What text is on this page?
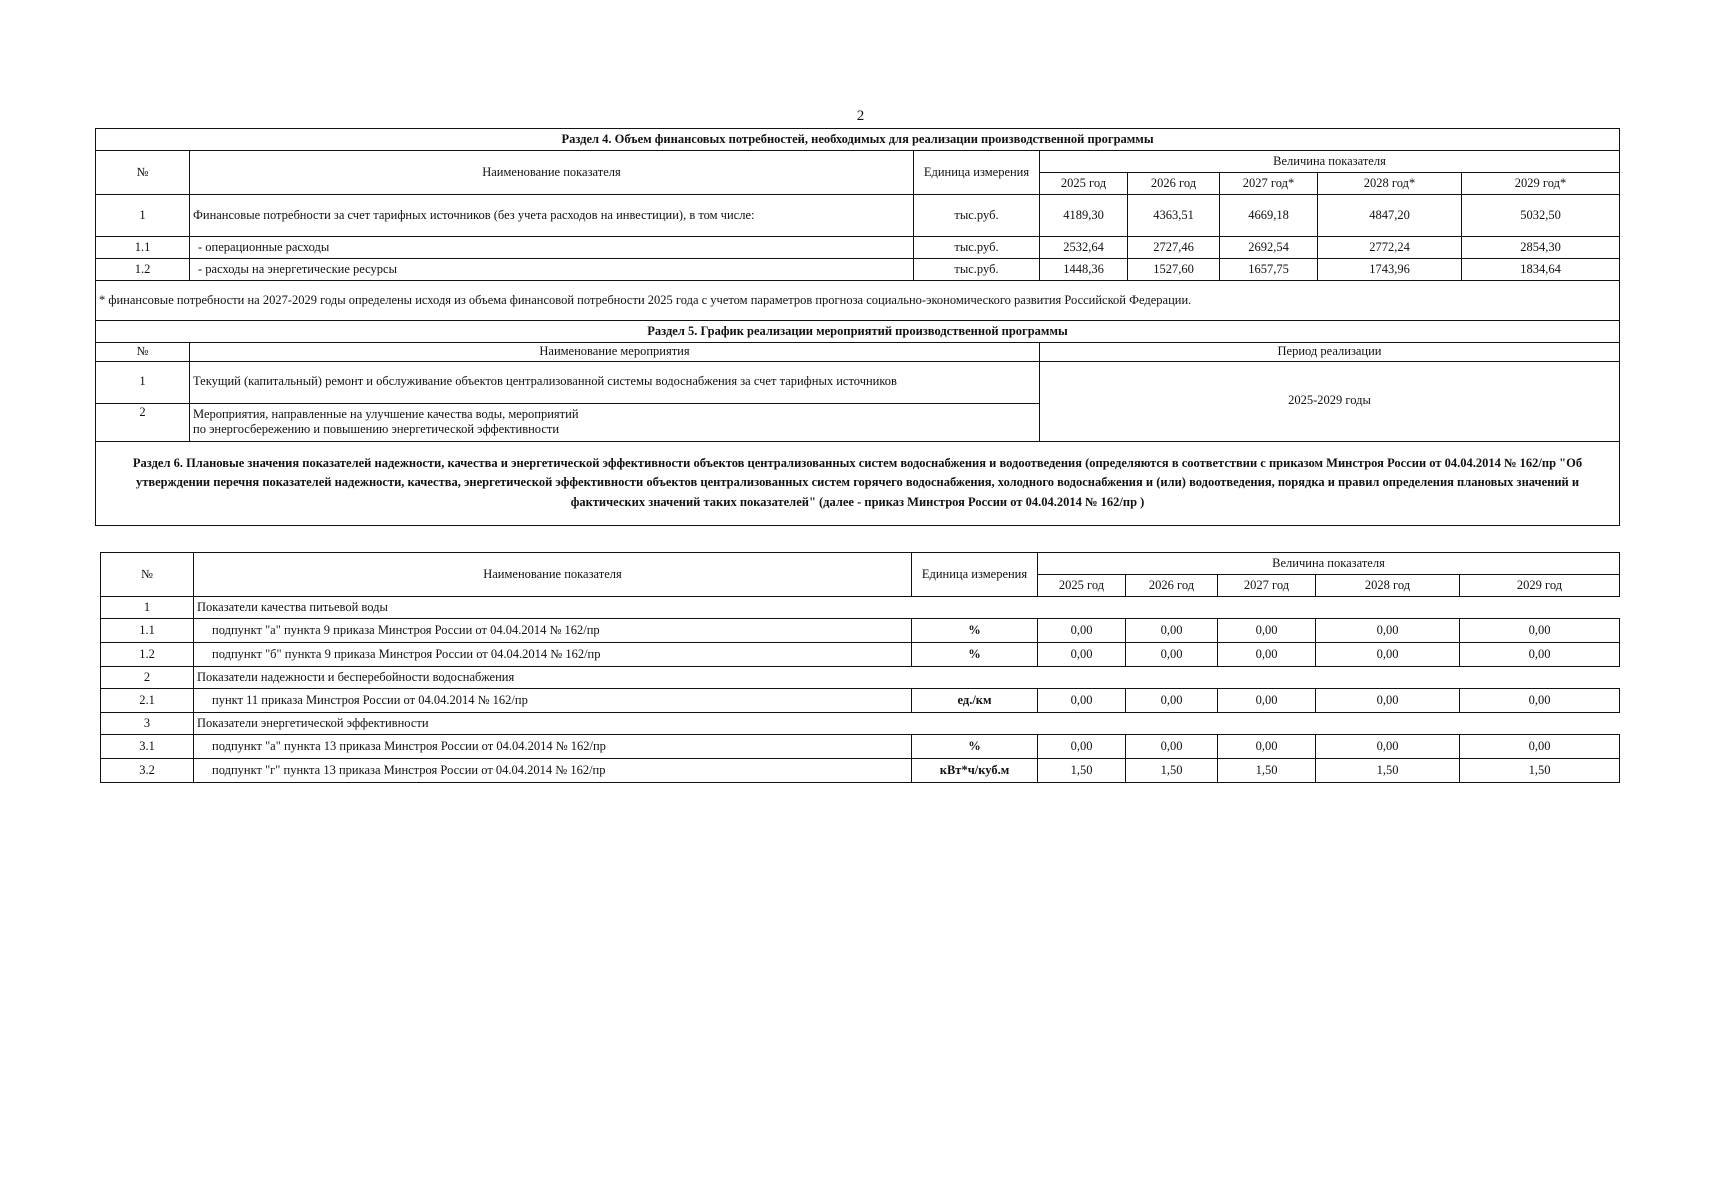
2
Раздел 4. Объем финансовых потребностей, необходимых для реализации производственной программы							
№	Наименование показателя	Единица измерения	Величина показателя				
			2025 год	2026 год	2027 год*	2028 год*	2029 год*
1	Финансовые потребности за счет тарифных источников (без учета расходов на инвестиции), в том числе:	тыс.руб.	4189,30	4363,51	4669,18	4847,20	5032,50
1.1	- операционные расходы	тыс.руб.	2532,64	2727,46	2692,54	2772,24	2854,30
1.2	- расходы на энергетические ресурсы	тыс.руб.	1448,36	1527,60	1657,75	1743,96	1834,64
* финансовые потребности на 2027-2029 годы определены исходя из объема финансовой потребности 2025 года с учетом параметров прогноза социально-экономического развития Российской Федерации.							
Раздел 5. График реализации мероприятий производственной программы							
№	Наименование мероприятия		Период реализации				
1	Текущий (капитальный) ремонт и обслуживание объектов централизованной системы водоснабжения за счет тарифных источников		2025-2029 годы				
2	Мероприятия, направленные на улучшение качества воды, мероприятий
по энергосбережению и повышению энергетической эффективности						

Раздел 6. Плановые значения показателей надежности, качества и энергетической эффективности объектов централизованных систем водоснабжения и водоотведения (определяются в соответствии с приказом Минстроя России от 04.04.2014 № 162/пр "Об утверждении перечня показателей надежности, качества, энергетической эффективности объектов централизованных систем горячего водоснабжения, холодного водоснабжения и (или) водоотведения, порядка и правил определения плановых значений и фактических значений таких показателей" (далее - приказ Минстроя России от 04.04.2014 № 162/пр )							
№	Наименование показателя	Единица измерения	Величина показателя				
			2025 год	2026 год	2027 год	2028 год	2029 год
1	Показатели качества питьевой воды						
1.1	подпункт "а" пункта 9 приказа Минстроя России от 04.04.2014 № 162/пр	%	0,00	0,00	0,00	0,00	0,00
1.2	подпункт "б" пункта 9 приказа Минстроя России от 04.04.2014 № 162/пр	%	0,00	0,00	0,00	0,00	0,00
2	Показатели надежности и бесперебойности водоснабжения						
2.1	пункт 11 приказа Минстроя России от 04.04.2014 № 162/пр	ед./км	0,00	0,00	0,00	0,00	0,00
3	Показатели энергетической эффективности						
3.1	подпункт "а" пункта 13 приказа Минстроя России от 04.04.2014 № 162/пр	%	0,00	0,00	0,00	0,00	0,00
3.2	подпункт "г" пункта 13 приказа Минстроя России от 04.04.2014 № 162/пр	кВт*ч/куб.м	1,50	1,50	1,50	1,50	1,50
